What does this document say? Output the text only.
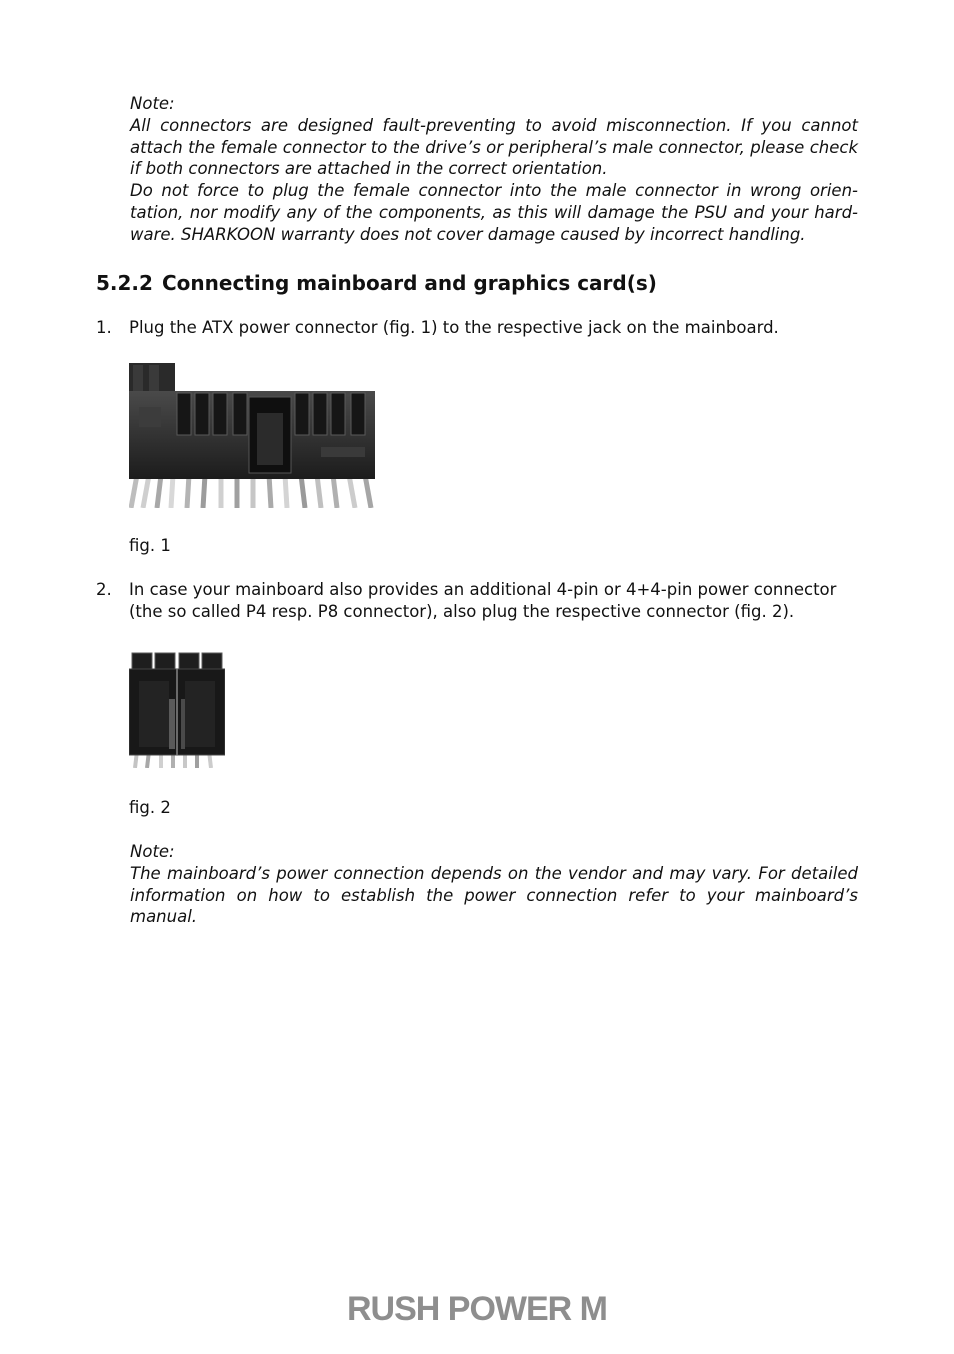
Note:

All connectors are designed fault-preventing to avoid misconnection. If you cannot attach the female connector to the drive’s or peripheral’s male connector, please check if both connectors are attached in the correct orientation.

Do not force to plug the female connector into the male connector in wrong orien-tation, nor modify any of the components, as this will damage the PSU and your hard-ware. SHARKOON warranty does not cover damage caused by incorrect handling.

5.2.2 Connecting mainboard and graphics card(s)
1. Plug the ATX power connector (fig. 1) to the respective jack on the mainboard.
fig. 1
2. In case your mainboard also provides an additional 4-pin or 4+4-pin power connector (the so called P4 resp. P8 connector), also plug the respective connector (fig. 2).
fig. 2

Note:

The mainboard’s power connection depends on the vendor and may vary. For detailed information on how to establish the power connection refer to your mainboard’s manual.

RUSH POWER M
